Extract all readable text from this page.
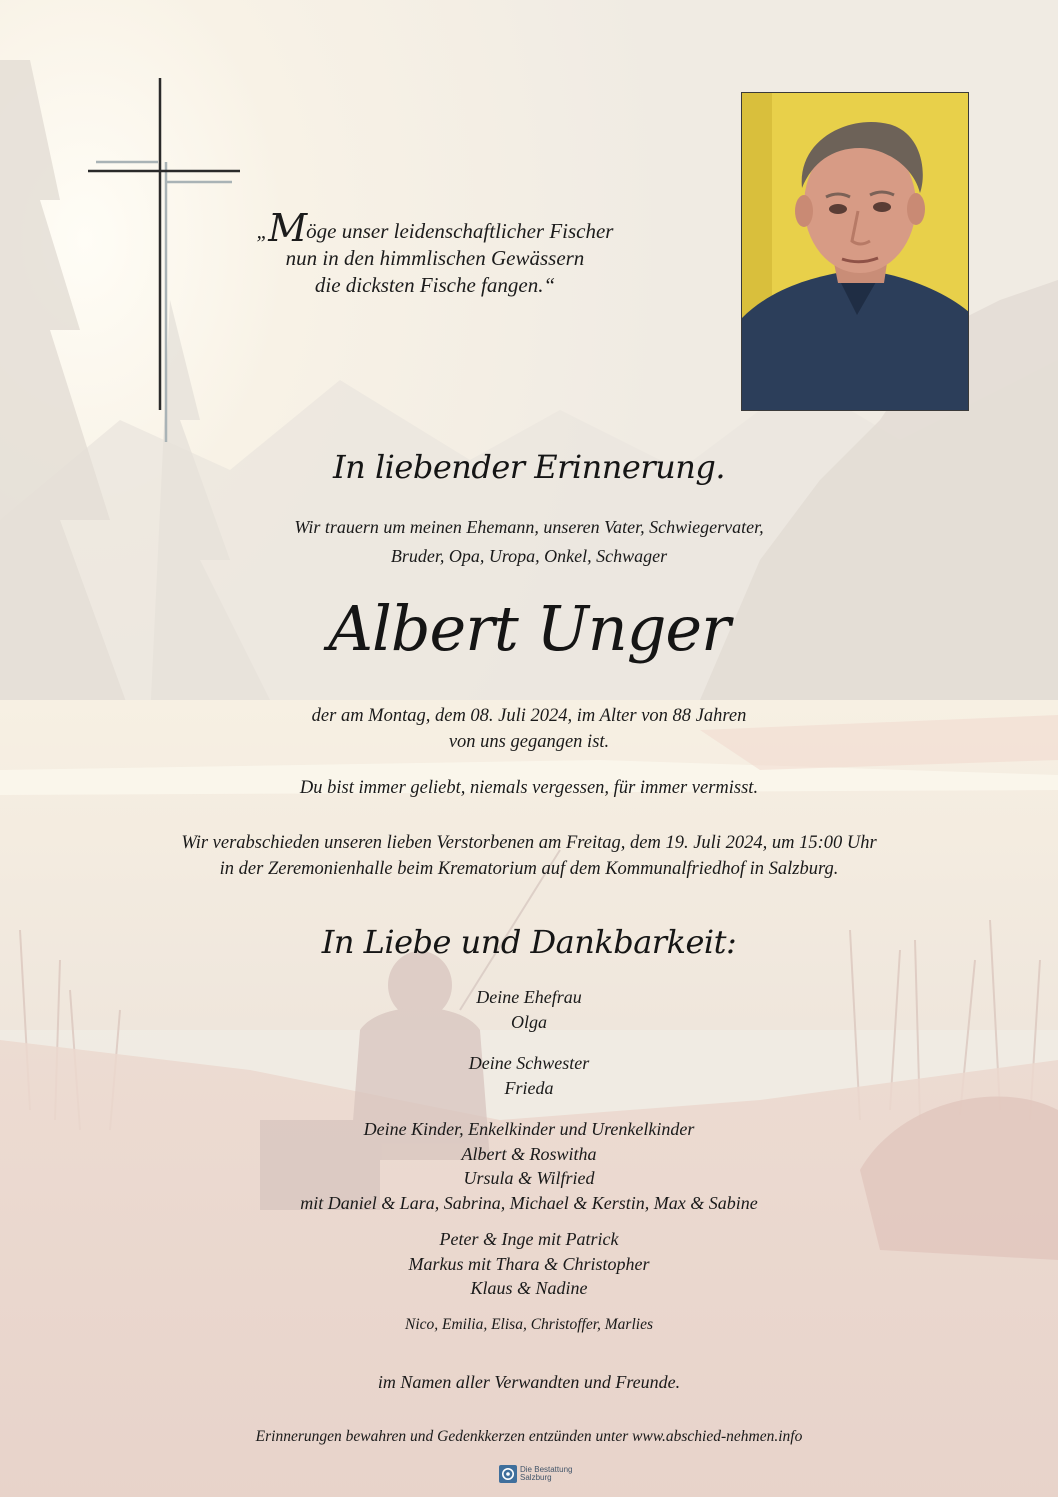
„Möge unser leidenschaftlicher Fischer
nun in den himmlischen Gewässern
die dicksten Fische fangen.“
In liebender Erinnerung.
Wir trauern um meinen Ehemann, unseren Vater, Schwiegervater,
Bruder, Opa, Uropa, Onkel, Schwager
Albert Unger
der am Montag, dem 08. Juli 2024, im Alter von 88 Jahren
von uns gegangen ist.
Du bist immer geliebt, niemals vergessen, für immer vermisst.
Wir verabschieden unseren lieben Verstorbenen am Freitag, dem 19. Juli 2024, um 15:00 Uhr
in der Zeremonienhalle beim Krematorium auf dem Kommunalfriedhof in Salzburg.
In Liebe und Dankbarkeit:
Deine Ehefrau
Olga
Deine Schwester
Frieda
Deine Kinder, Enkelkinder und Urenkelkinder
Albert & Roswitha
Ursula & Wilfried
mit Daniel & Lara, Sabrina, Michael & Kerstin, Max & Sabine
Peter & Inge mit Patrick
Markus mit Thara & Christopher
Klaus & Nadine
Nico, Emilia, Elisa, Christoffer, Marlies
im Namen aller Verwandten und Freunde.
Erinnerungen bewahren und Gedenkkerzen entzünden unter www.abschied-nehmen.info
Die Bestattung
Salzburg
